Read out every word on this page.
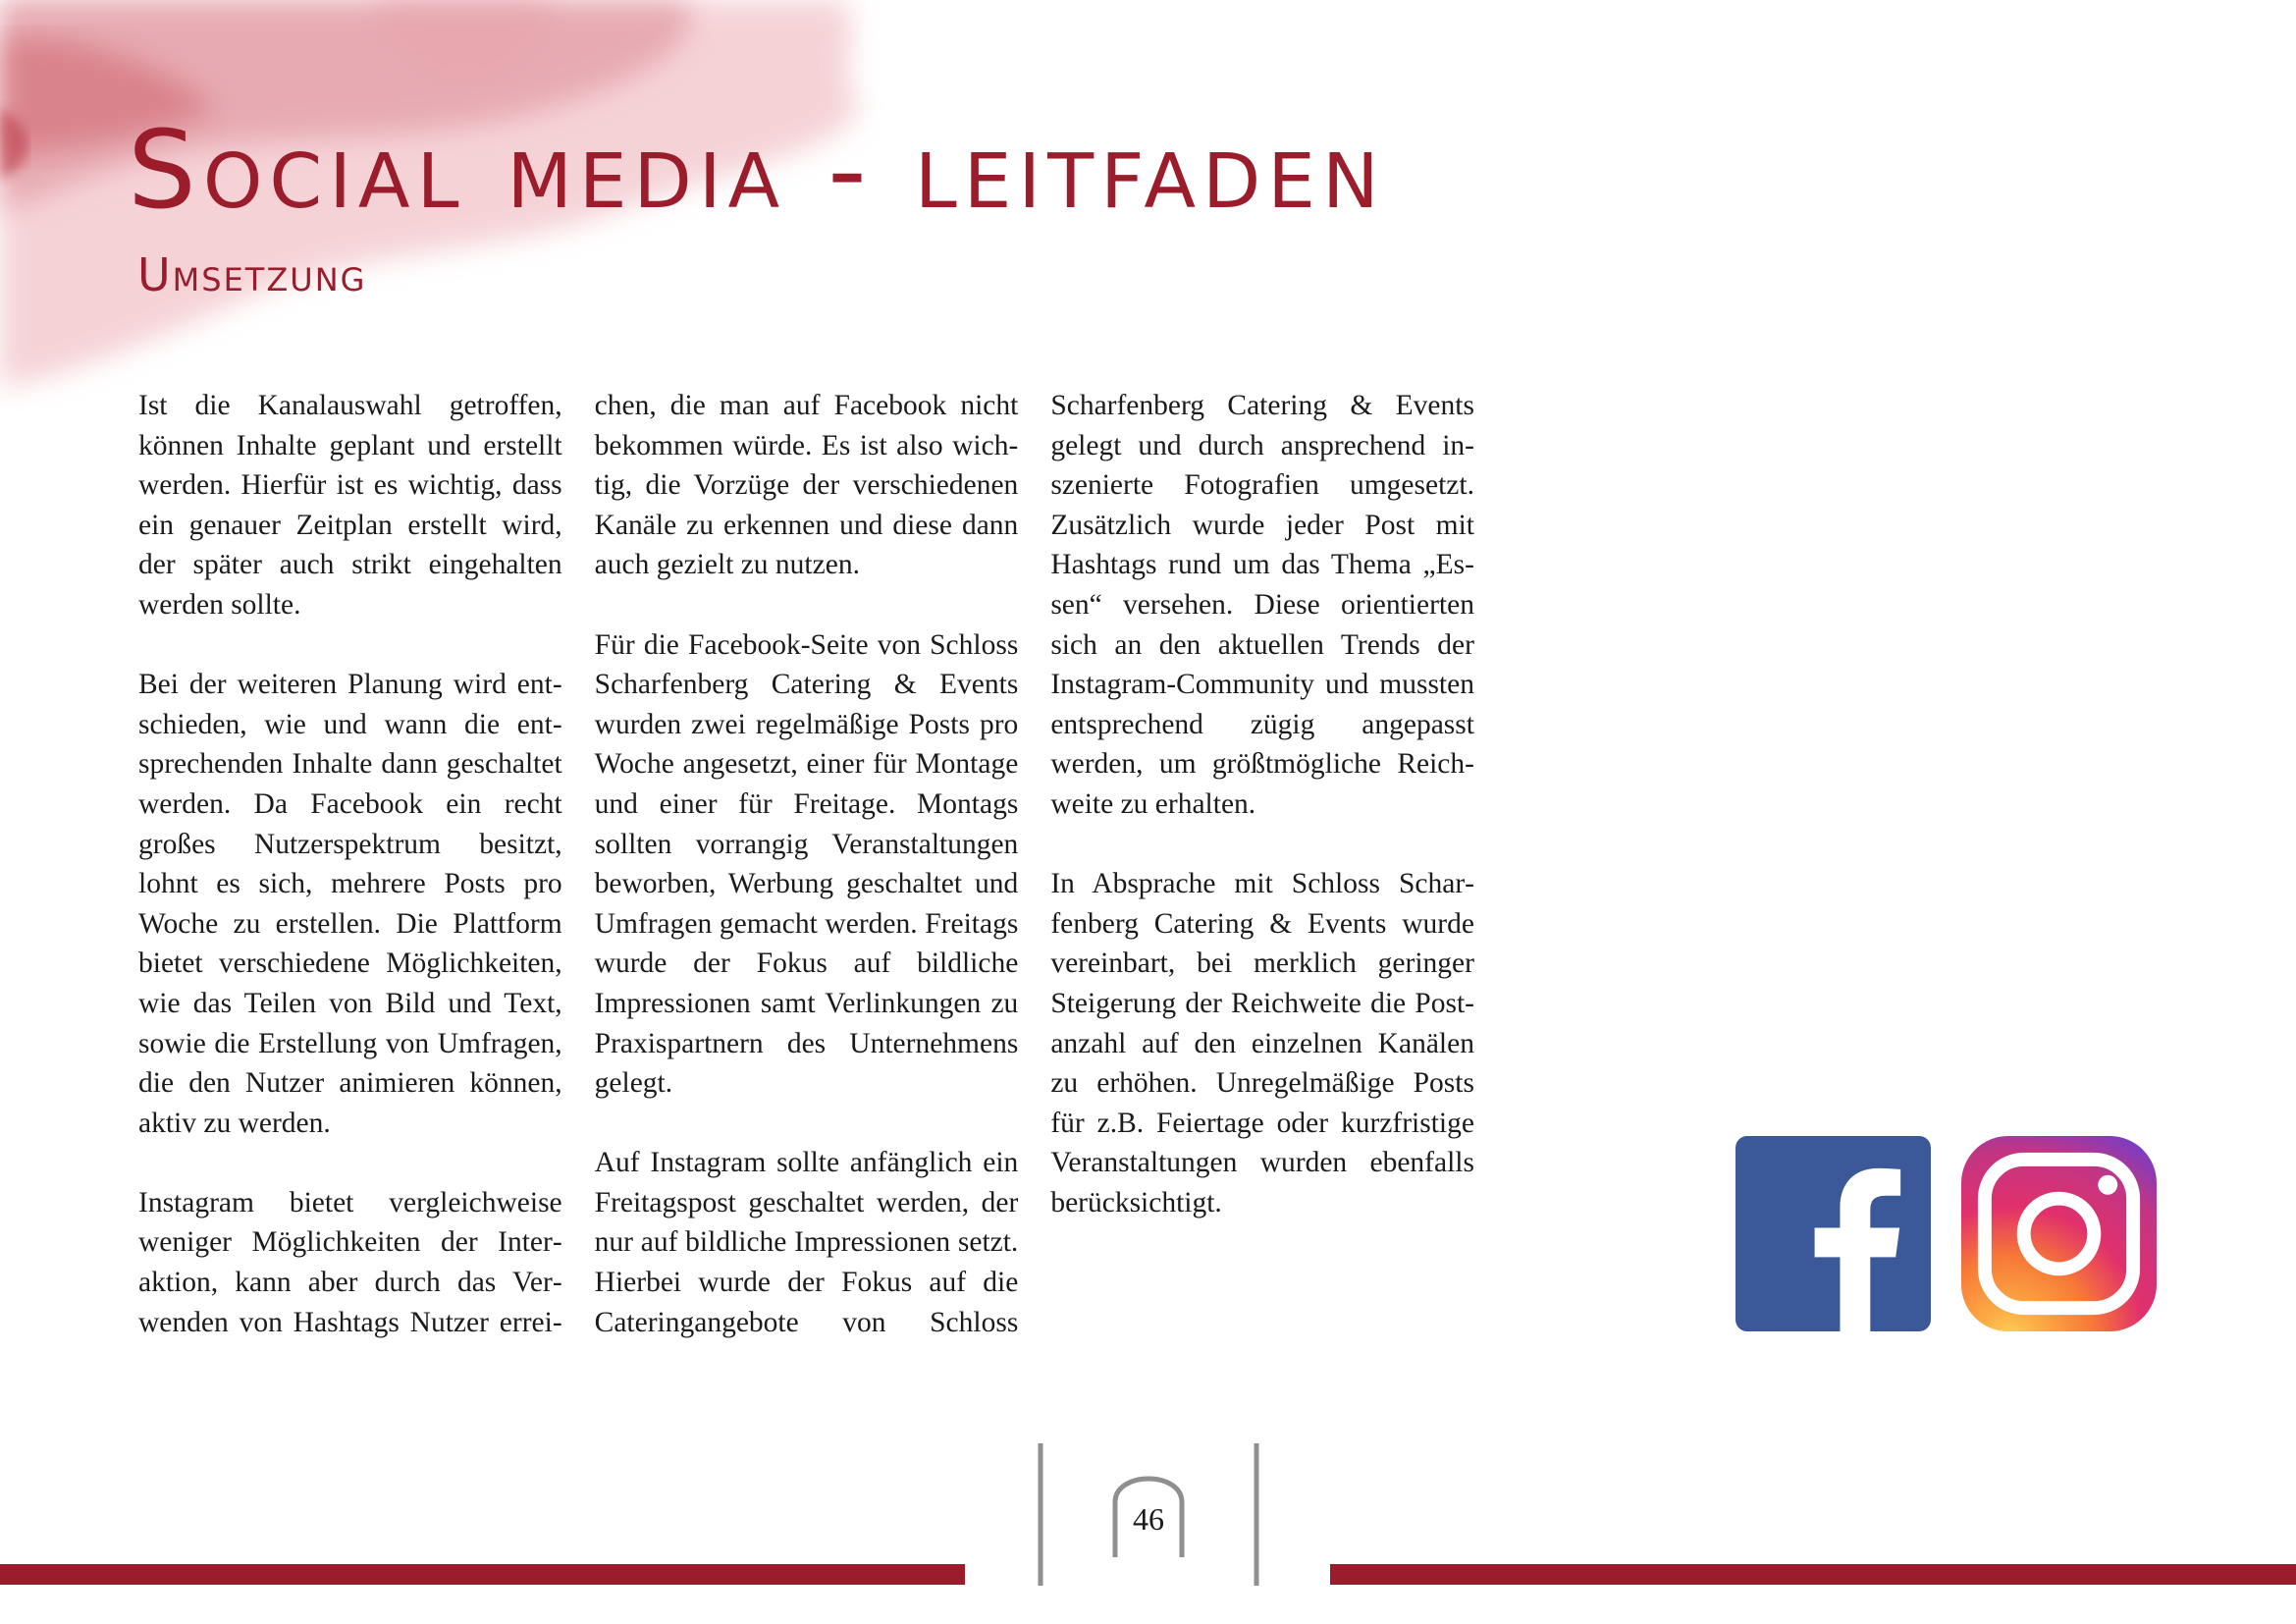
Social media - leitfaden
Umsetzung

Ist die Kanalauswahl getroffen, können Inhalte geplant und erstellt werden. Hierfür ist es wichtig, dass ein genauer Zeitplan erstellt wird, der später auch strikt eingehalten werden sollte.

Bei der weiteren Planung wird entschieden, wie und wann die entsprechenden Inhalte dann geschaltet werden. Da Facebook ein recht großes Nutzerspektrum besitzt, lohnt es sich, mehrere Posts pro Woche zu erstellen. Die Plattform bietet verschiedene Möglichkeiten, wie das Teilen von Bild und Text, sowie die Erstellung von Umfragen, die den Nutzer animieren können, aktiv zu werden.

Instagram bietet vergleichweise weniger Möglichkeiten der Interaktion, kann aber durch das Verwenden von Hashtags Nutzer erreichen, die man auf Facebook nicht bekommen würde. Es ist also wichtig, die Vorzüge der verschiedenen Kanäle zu erkennen und diese dann auch gezielt zu nutzen.

Für die Facebook-Seite von Schloss Scharfenberg Catering & Events wurden zwei regelmäßige Posts pro Woche angesetzt, einer für Montage und einer für Freitage. Montags sollten vorrangig Veranstaltungen beworben, Werbung geschaltet und Umfragen gemacht werden. Freitags wurde der Fokus auf bildliche Impressionen samt Verlinkungen zu Praxispartnern des Unternehmens gelegt.

Auf Instagram sollte anfänglich ein Freitagspost geschaltet werden, der nur auf bildliche Impressionen setzt. Hierbei wurde der Fokus auf die Cateringangebote von Schloss Scharfenberg Catering & Events gelegt und durch ansprechend inszenierte Fotografien umgesetzt. Zusätzlich wurde jeder Post mit Hashtags rund um das Thema „Essen“ versehen. Diese orientierten sich an den aktuellen Trends der Instagram-Community und mussten entsprechend zügig angepasst werden, um größtmögliche Reichweite zu erhalten.

In Absprache mit Schloss Scharfenberg Catering & Events wurde vereinbart, bei merklich geringer Steigerung der Reichweite die Postanzahl auf den einzelnen Kanälen zu erhöhen. Unregelmäßige Posts für z.B. Feiertage oder kurzfristige Veranstaltungen wurden ebenfalls berücksichtigt.

46
